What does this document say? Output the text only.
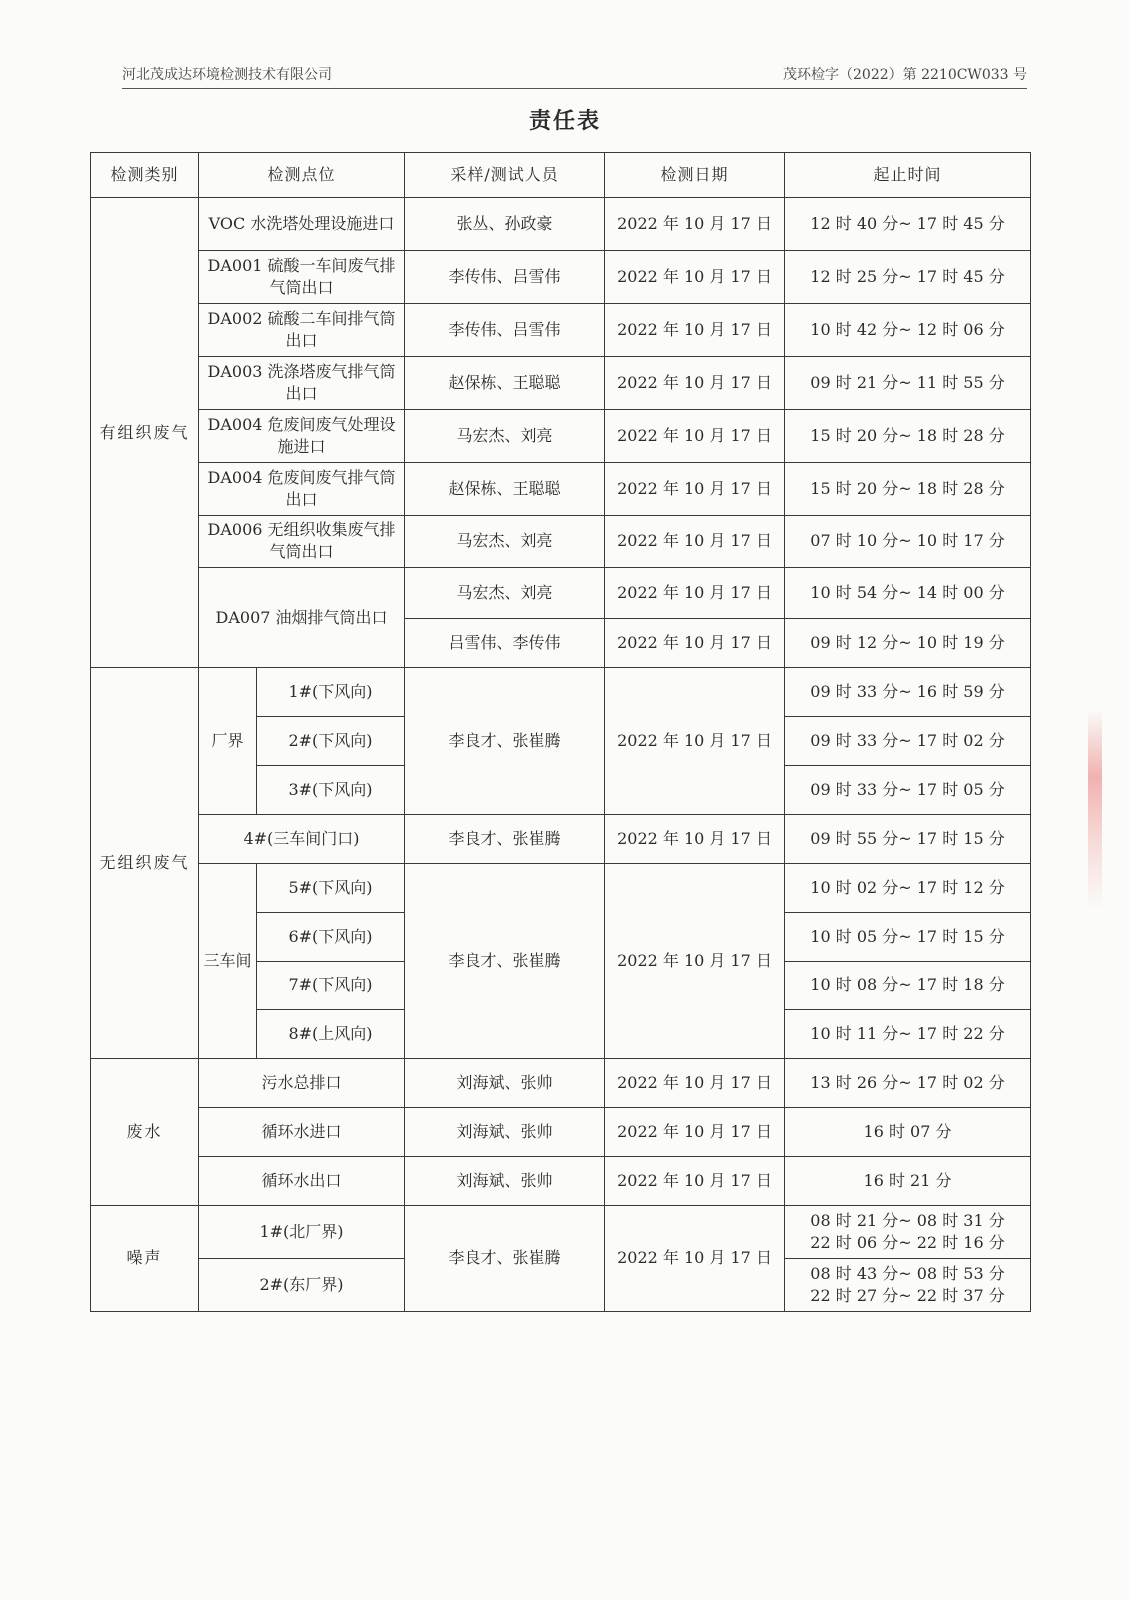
河北茂成达环境检测技术有限公司	茂环检字（2022）第 2210CW033 号
责任表
检测类别	检测点位		采样/测试人员	检测日期	起止时间
有组织废气	VOC 水洗塔处理设施进口		张丛、孙政豪	2022 年 10 月 17 日	12 时 40 分~ 17 时 45 分
	DA001 硫酸一车间废气排气筒出口		李传伟、吕雪伟	2022 年 10 月 17 日	12 时 25 分~ 17 时 45 分
	DA002 硫酸二车间排气筒出口		李传伟、吕雪伟	2022 年 10 月 17 日	10 时 42 分~ 12 时 06 分
	DA003 洗涤塔废气排气筒出口		赵保栋、王聪聪	2022 年 10 月 17 日	09 时 21 分~ 11 时 55 分
	DA004 危废间废气处理设施进口		马宏杰、刘亮	2022 年 10 月 17 日	15 时 20 分~ 18 时 28 分
	DA004 危废间废气排气筒出口		赵保栋、王聪聪	2022 年 10 月 17 日	15 时 20 分~ 18 时 28 分
	DA006 无组织收集废气排气筒出口		马宏杰、刘亮	2022 年 10 月 17 日	07 时 10 分~ 10 时 17 分
	DA007 油烟排气筒出口		马宏杰、刘亮	2022 年 10 月 17 日	10 时 54 分~ 14 时 00 分
			吕雪伟、李传伟	2022 年 10 月 17 日	09 时 12 分~ 10 时 19 分
无组织废气	厂界	1#(下风向)	李良才、张崔腾	2022 年 10 月 17 日	09 时 33 分~ 16 时 59 分
		2#(下风向)			09 时 33 分~ 17 时 02 分
		3#(下风向)			09 时 33 分~ 17 时 05 分
	4#(三车间门口)		李良才、张崔腾	2022 年 10 月 17 日	09 时 55 分~ 17 时 15 分
	三车间	5#(下风向)	李良才、张崔腾	2022 年 10 月 17 日	10 时 02 分~ 17 时 12 分
		6#(下风向)			10 时 05 分~ 17 时 15 分
		7#(下风向)			10 时 08 分~ 17 时 18 分
		8#(上风向)			10 时 11 分~ 17 时 22 分
废水	污水总排口		刘海斌、张帅	2022 年 10 月 17 日	13 时 26 分~ 17 时 02 分
	循环水进口		刘海斌、张帅	2022 年 10 月 17 日	16 时 07 分
	循环水出口		刘海斌、张帅	2022 年 10 月 17 日	16 时 21 分
噪声	1#(北厂界)		李良才、张崔腾	2022 年 10 月 17 日	08 时 21 分~ 08 时 31 分
22 时 06 分~ 22 时 16 分

	2#(东厂界)				08 时 43 分~ 08 时 53 分
22 时 27 分~ 22 时 37 分
